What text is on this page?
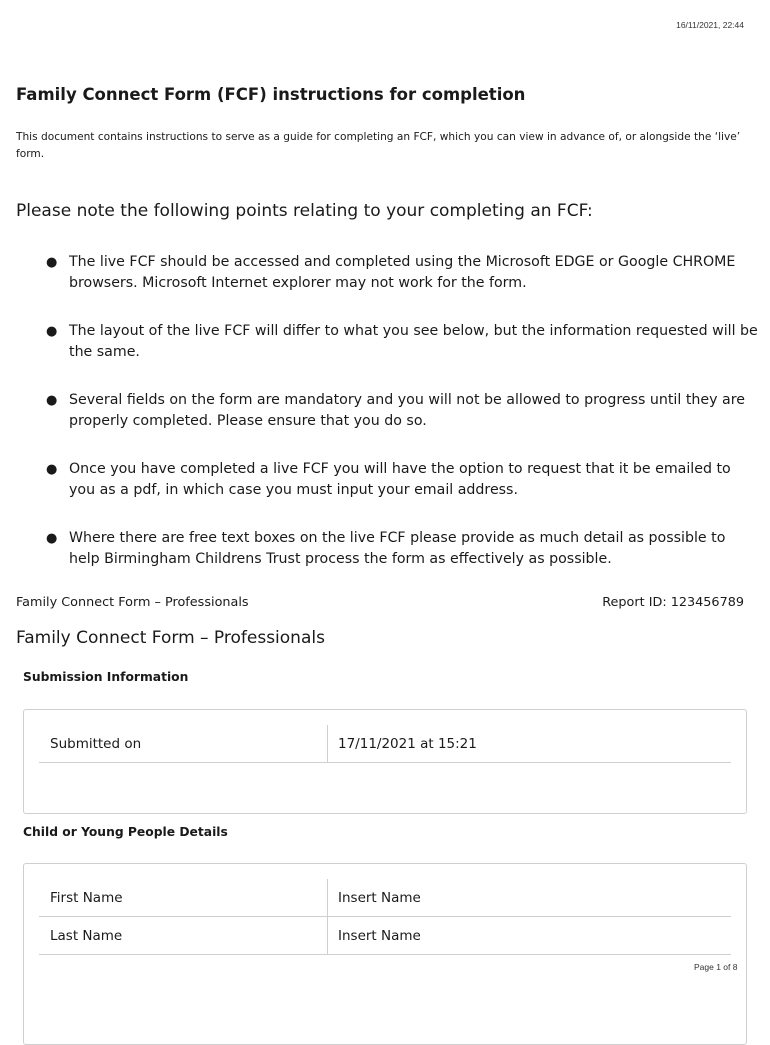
16/11/2021, 22:44
Family Connect Form (FCF) instructions for completion
This document contains instructions to serve as a guide for completing an FCF, which you can view in advance of, or alongside the ‘live’ form.
Please note the following points relating to your completing an FCF:
● The live FCF should be accessed and completed using the Microsoft EDGE or Google CHROME browsers. Microsoft Internet explorer may not work for the form.
● The layout of the live FCF will differ to what you see below, but the information requested will be the same.
● Several fields on the form are mandatory and you will not be allowed to progress until they are properly completed. Please ensure that you do so.
● Once you have completed a live FCF you will have the option to request that it be emailed to you as a pdf, in which case you must input your email address.
● Where there are free text boxes on the live FCF please provide as much detail as possible to help Birmingham Childrens Trust process the form as effectively as possible.
Family Connect Form – Professionals	Report ID: 123456789
Family Connect Form – Professionals
Submission Information
Submitted on	17/11/2021 at 15:21
Child or Young People Details
First Name	Insert Name
Last Name	Insert Name
Page 1 of 8
